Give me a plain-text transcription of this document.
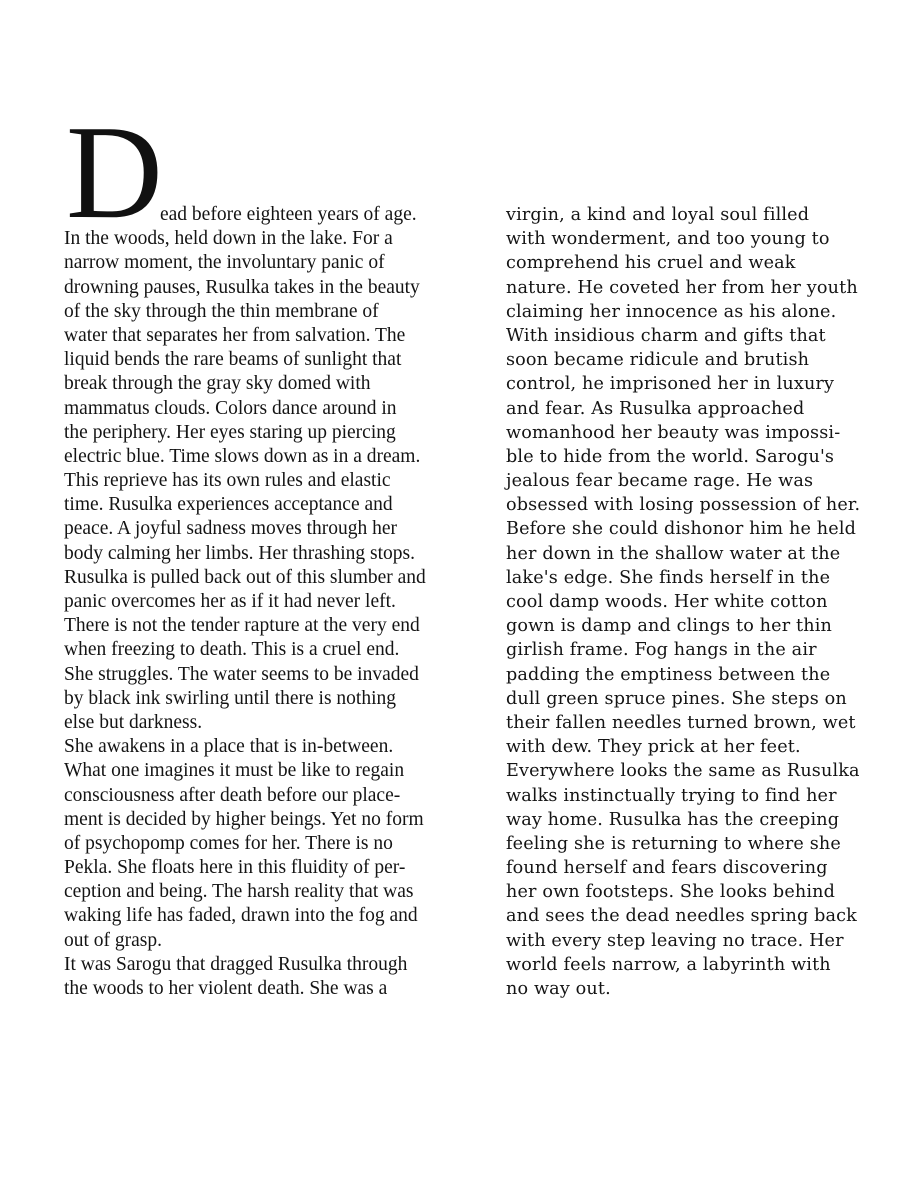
D
ead before eighteen years of age.
In the woods, held down in the lake. For a
narrow moment, the involuntary panic of
drowning pauses, Rusulka takes in the beauty
of the sky through the thin membrane of
water that separates her from salvation. The
liquid bends the rare beams of sunlight that
break through the gray sky domed with
mammatus clouds. Colors dance around in
the periphery. Her eyes staring up piercing
electric blue. Time slows down as in a dream.
This reprieve has its own rules and elastic
time. Rusulka experiences acceptance and
peace. A joyful sadness moves through her
body calming her limbs. Her thrashing stops.
Rusulka is pulled back out of this slumber and
panic overcomes her as if it had never left.
There is not the tender rapture at the very end
when freezing to death. This is a cruel end.
She struggles. The water seems to be invaded
by black ink swirling until there is nothing
else but darkness.
She awakens in a place that is in-between.
What one imagines it must be like to regain
consciousness after death before our place-
ment is decided by higher beings. Yet no form
of psychopomp comes for her. There is no
Pekla. She floats here in this fluidity of per-
ception and being. The harsh reality that was
waking life has faded, drawn into the fog and
out of grasp.
It was Sarogu that dragged Rusulka through
the woods to her violent death. She was a
virgin, a kind and loyal soul filled
with wonderment, and too young to
comprehend his cruel and weak
nature. He coveted her from her youth
claiming her innocence as his alone.
With insidious charm and gifts that
soon became ridicule and brutish
control, he imprisoned her in luxury
and fear. As Rusulka approached
womanhood her beauty was impossi-
ble to hide from the world. Sarogu's
jealous fear became rage. He was
obsessed with losing possession of her.
Before she could dishonor him he held
her down in the shallow water at the
lake's edge. She finds herself in the
cool damp woods. Her white cotton
gown is damp and clings to her thin
girlish frame. Fog hangs in the air
padding the emptiness between the
dull green spruce pines. She steps on
their fallen needles turned brown, wet
with dew. They prick at her feet.
Everywhere looks the same as Rusulka
walks instinctually trying to find her
way home. Rusulka has the creeping
feeling she is returning to where she
found herself and fears discovering
her own footsteps. She looks behind
and sees the dead needles spring back
with every step leaving no trace. Her
world feels narrow, a labyrinth with
no way out.
